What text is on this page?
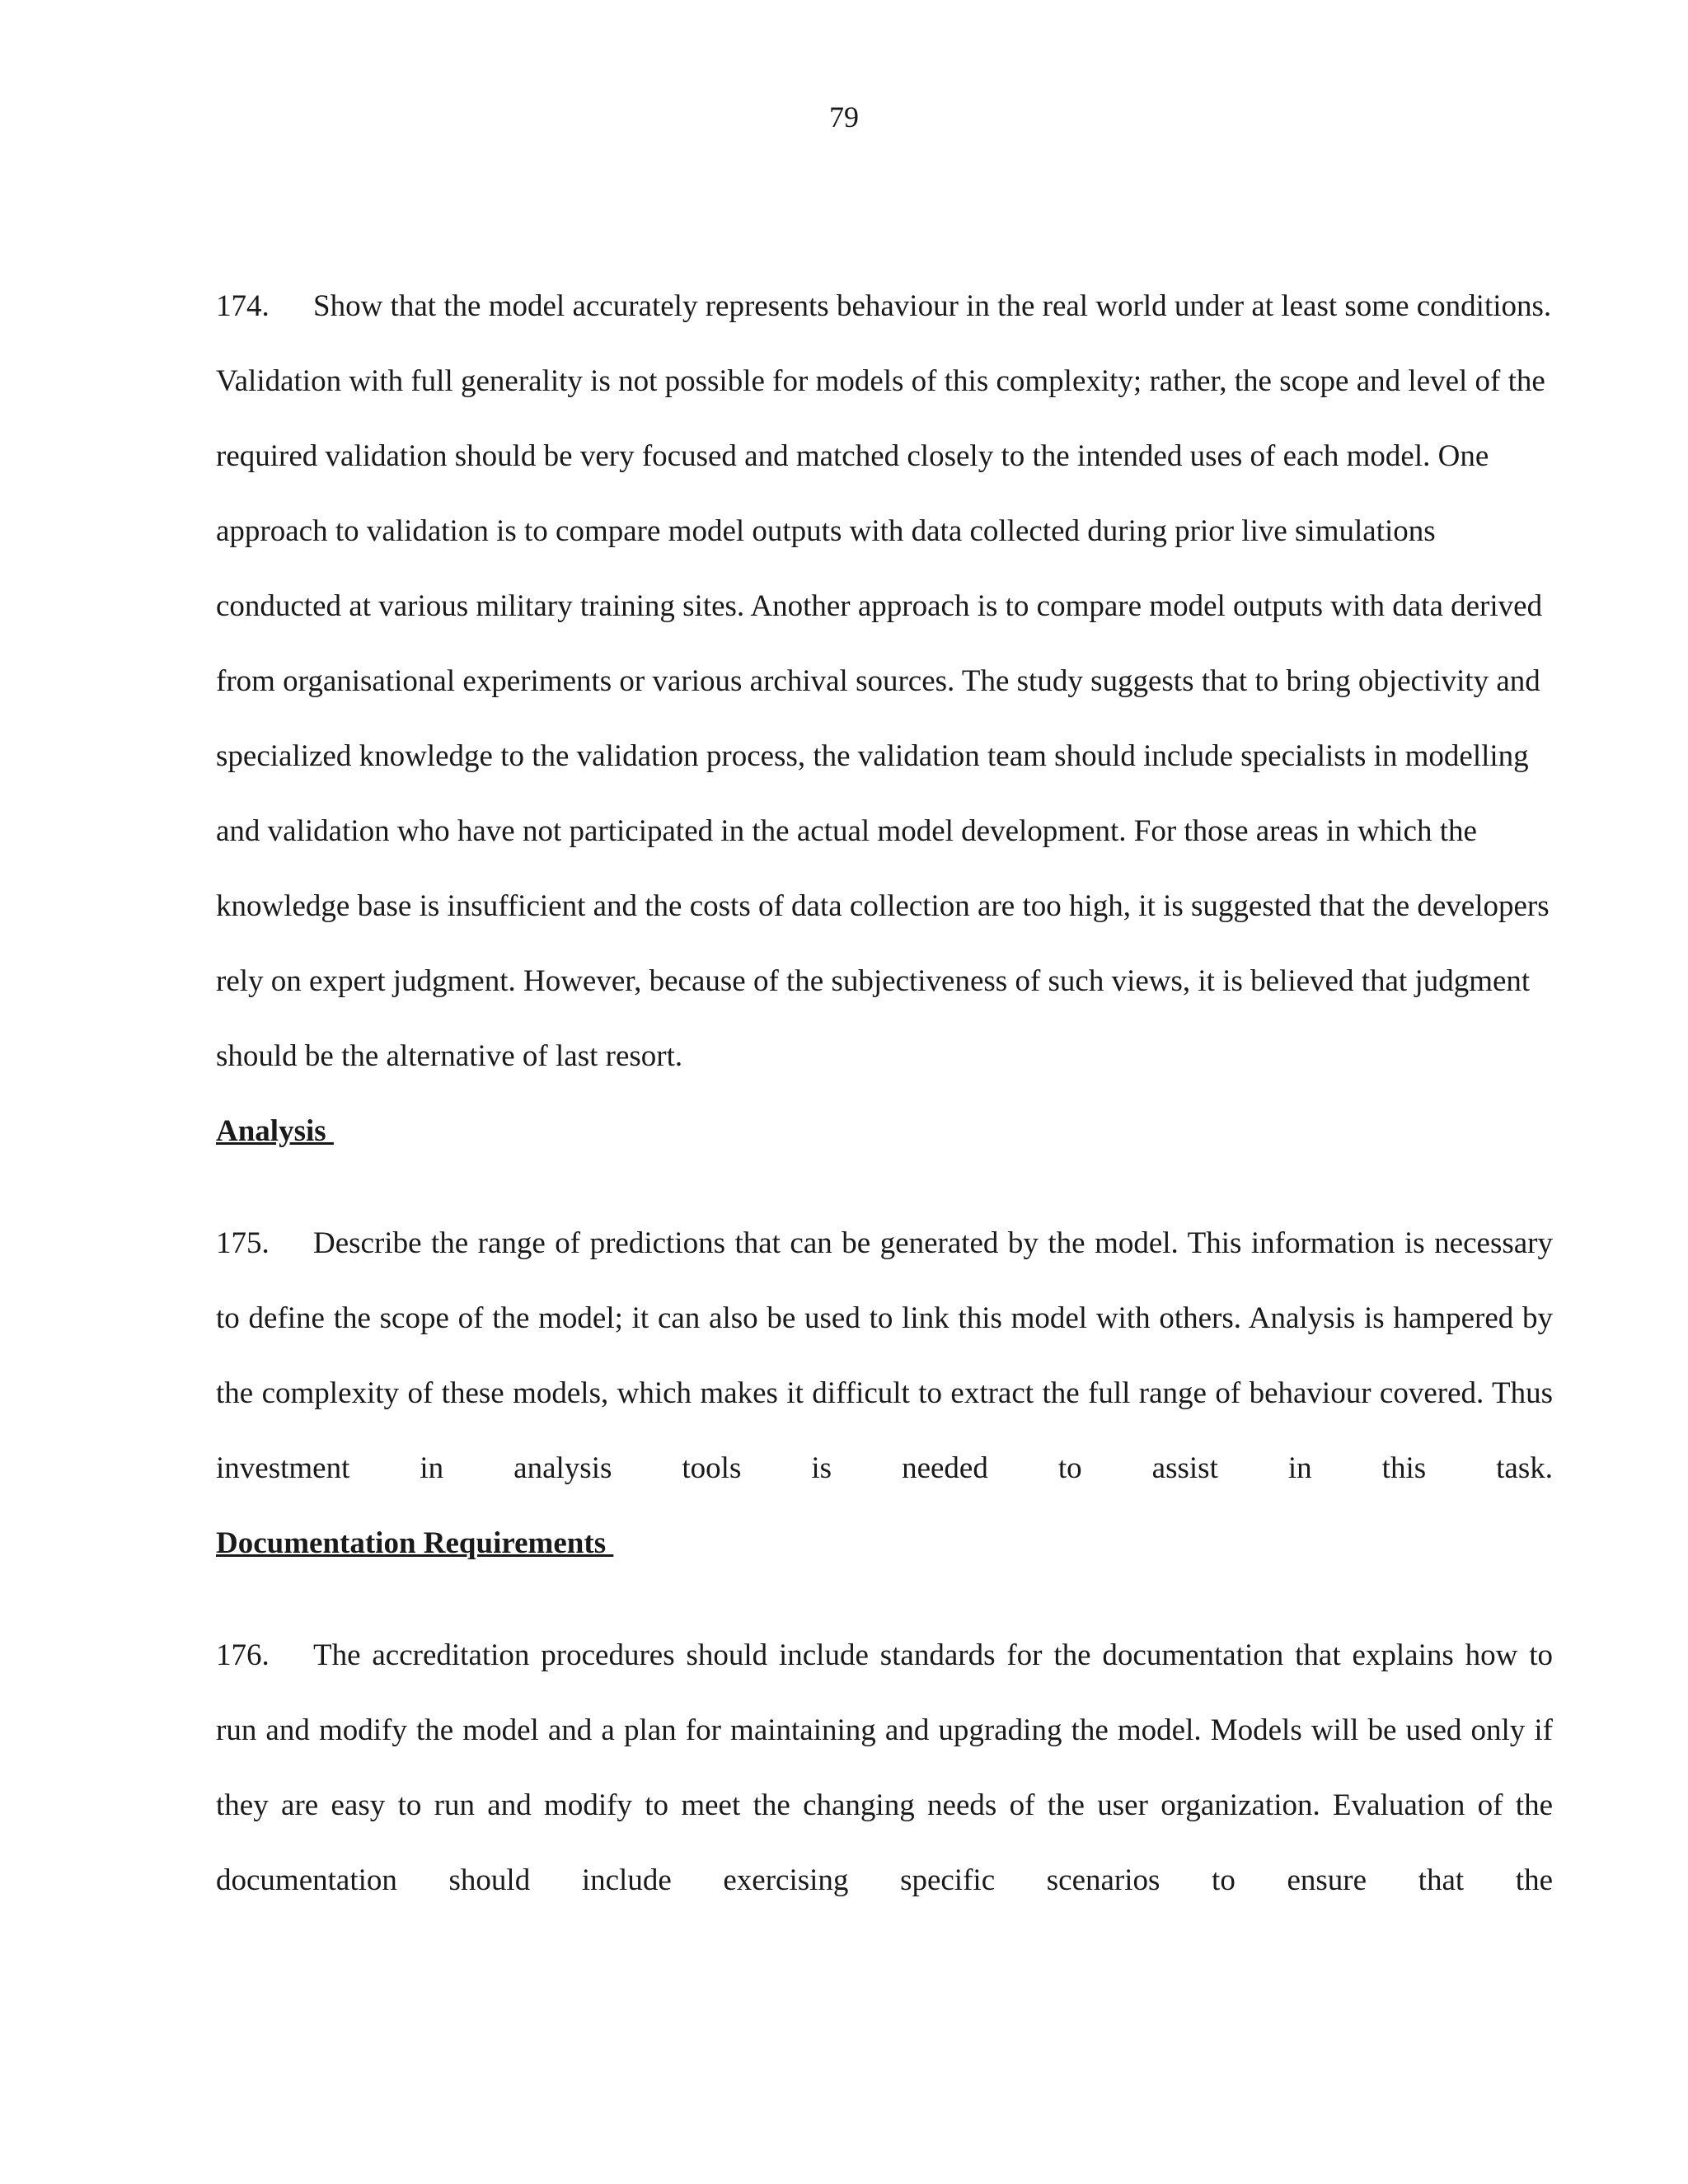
79

174. Show that the model accurately represents behaviour in the real world under at least some conditions. Validation with full generality is not possible for models of this complexity; rather, the scope and level of the required validation should be very focused and matched closely to the intended uses of each model. One approach to validation is to compare model outputs with data collected during prior live simulations conducted at various military training sites. Another approach is to compare model outputs with data derived from organisational experiments or various archival sources. The study suggests that to bring objectivity and specialized knowledge to the validation process, the validation team should include specialists in modelling and validation who have not participated in the actual model development. For those areas in which the knowledge base is insufficient and the costs of data collection are too high, it is suggested that the developers rely on expert judgment. However, because of the subjectiveness of such views, it is believed that judgment should be the alternative of last resort.

Analysis

175. Describe the range of predictions that can be generated by the model. This information is necessary to define the scope of the model; it can also be used to link this model with others. Analysis is hampered by the complexity of these models, which makes it difficult to extract the full range of behaviour covered. Thus investment in analysis tools is needed to assist in this task.

Documentation Requirements

176. The accreditation procedures should include standards for the documentation that explains how to run and modify the model and a plan for maintaining and upgrading the model. Models will be used only if they are easy to run and modify to meet the changing needs of the user organization. Evaluation of the documentation should include exercising specific scenarios to ensure that the
